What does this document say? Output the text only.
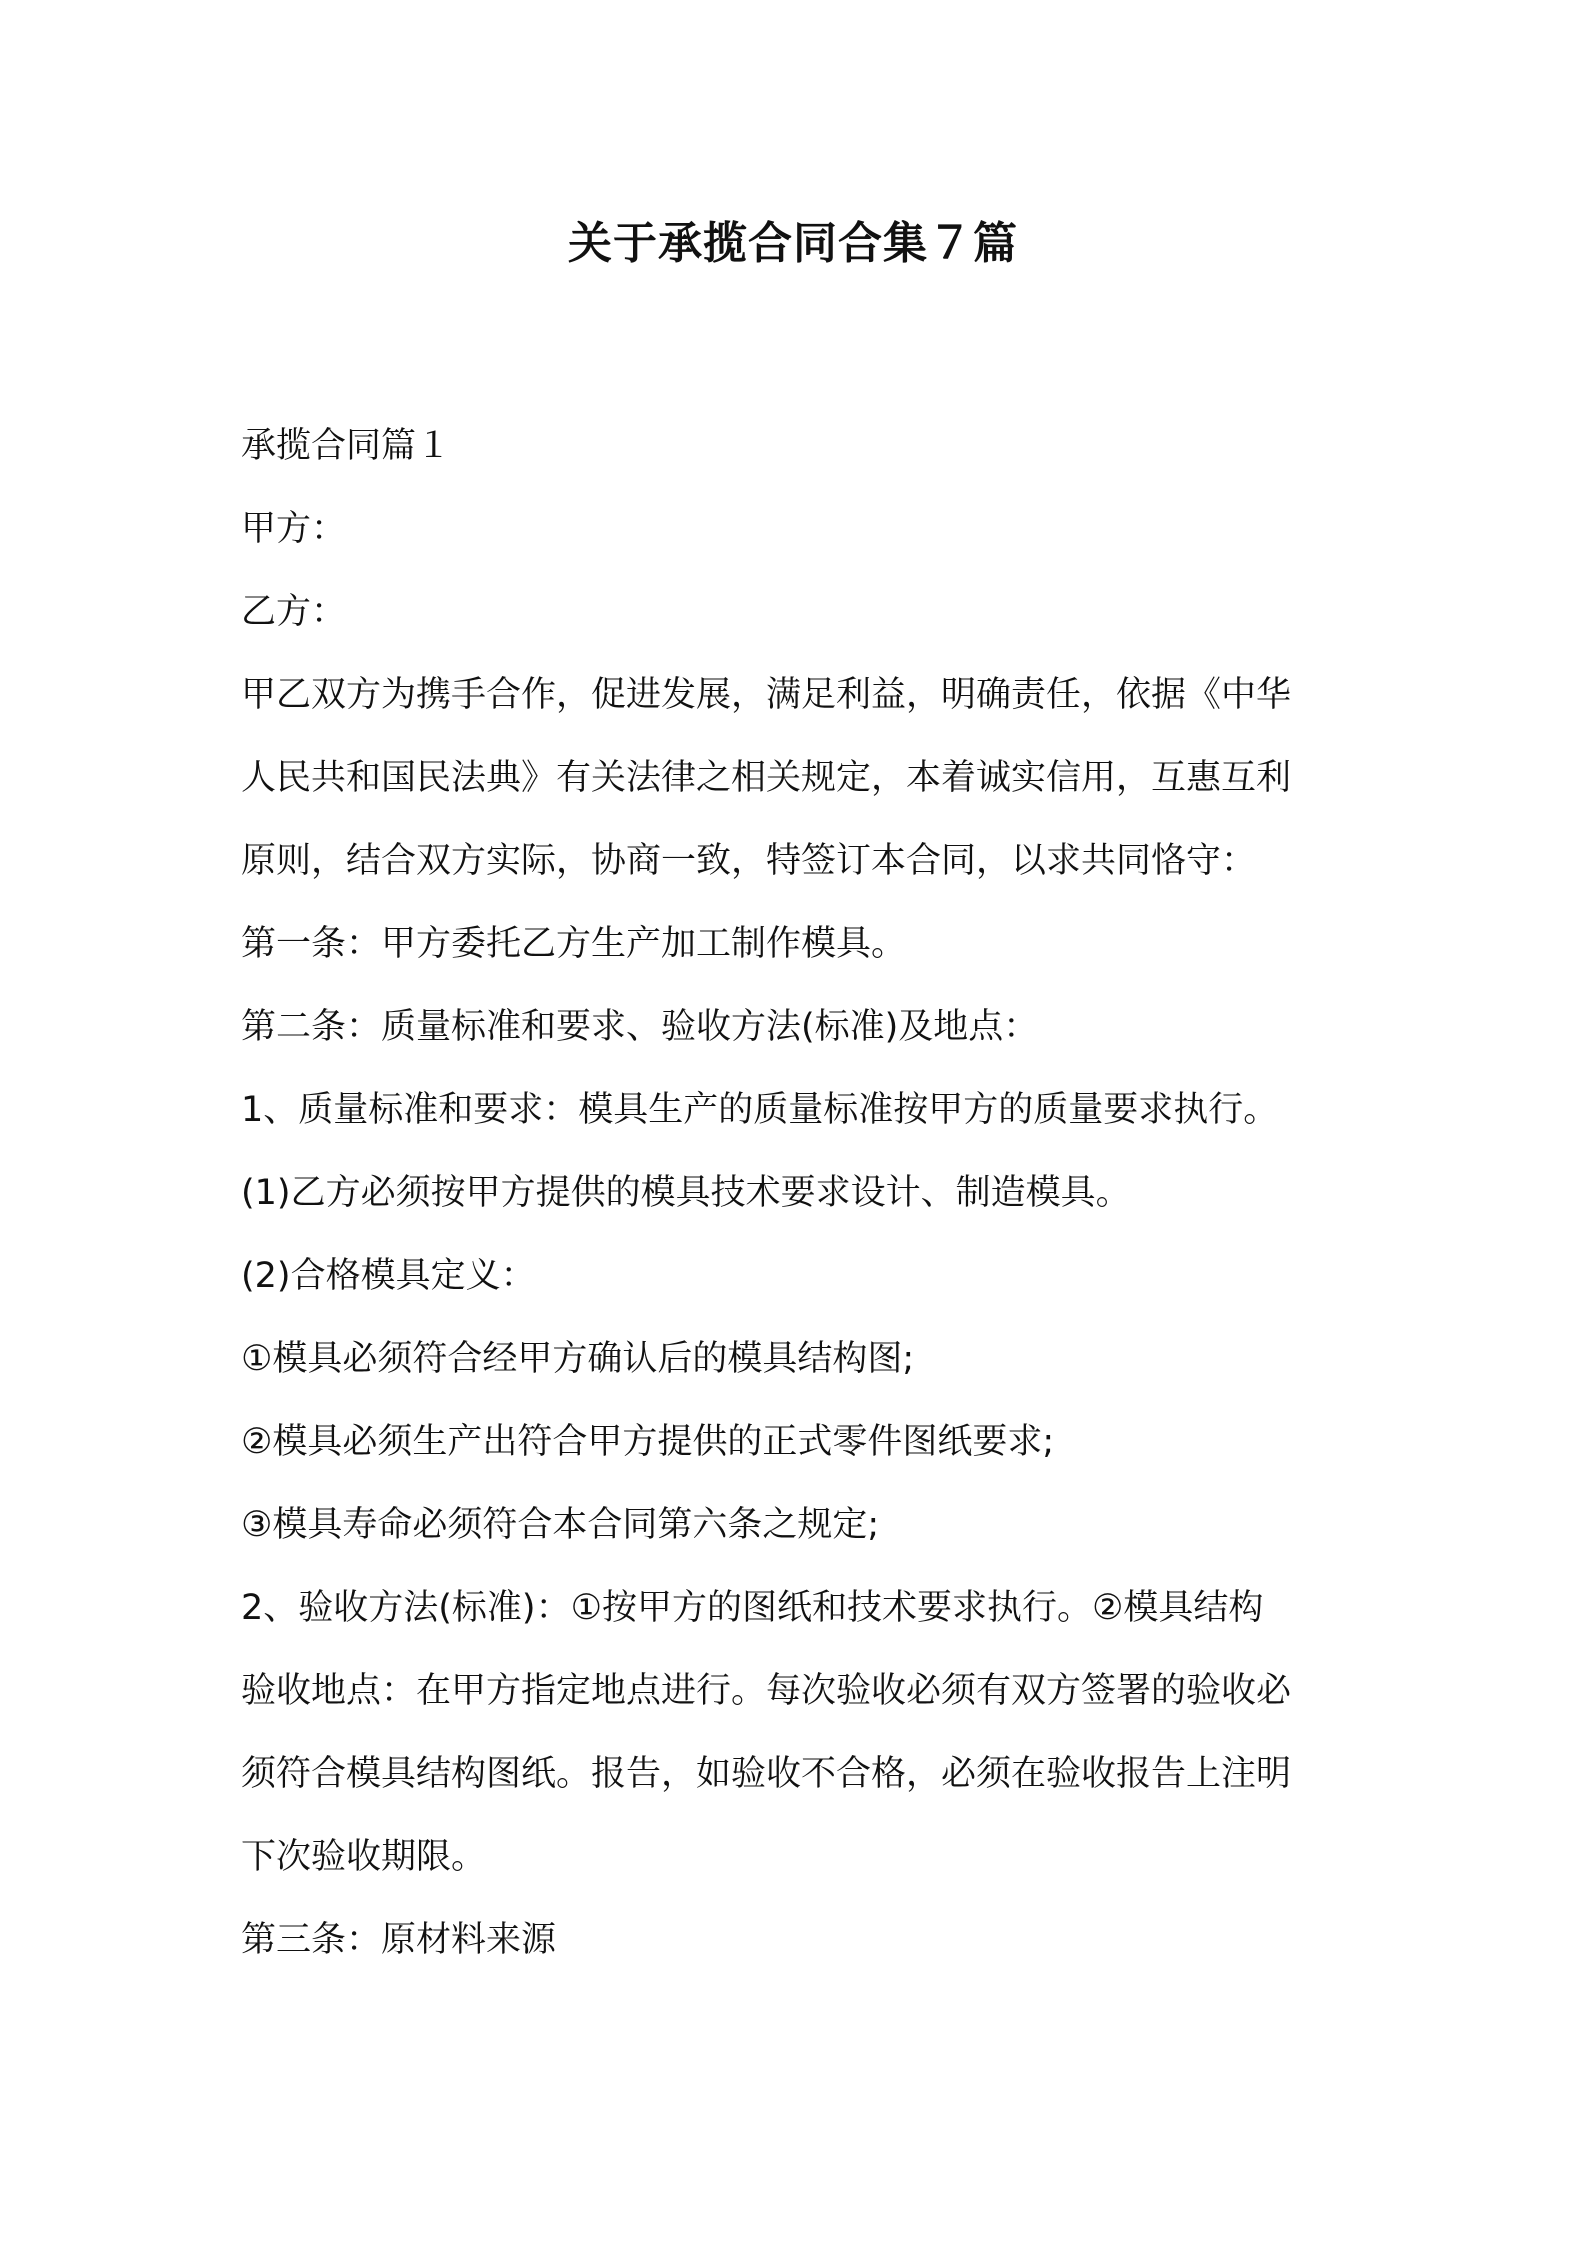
关于承揽合同合集７篇

承揽合同篇１

甲方：

乙方：

甲乙双方为携手合作，促进发展，满足利益，明确责任，依据《中华

人民共和国民法典》有关法律之相关规定，本着诚实信用，互惠互利

原则，结合双方实际，协商一致，特签订本合同，以求共同恪守：

第一条：甲方委托乙方生产加工制作模具。

第二条：质量标准和要求、验收方法(标准)及地点：

1、质量标准和要求：模具生产的质量标准按甲方的质量要求执行。

(1)乙方必须按甲方提供的模具技术要求设计、制造模具。

(2)合格模具定义：

①模具必须符合经甲方确认后的模具结构图;

②模具必须生产出符合甲方提供的正式零件图纸要求;

③模具寿命必须符合本合同第六条之规定;

2、验收方法(标准)：①按甲方的图纸和技术要求执行。②模具结构

验收地点：在甲方指定地点进行。每次验收必须有双方签署的验收必

须符合模具结构图纸。报告，如验收不合格，必须在验收报告上注明

下次验收期限。

第三条：原材料来源
